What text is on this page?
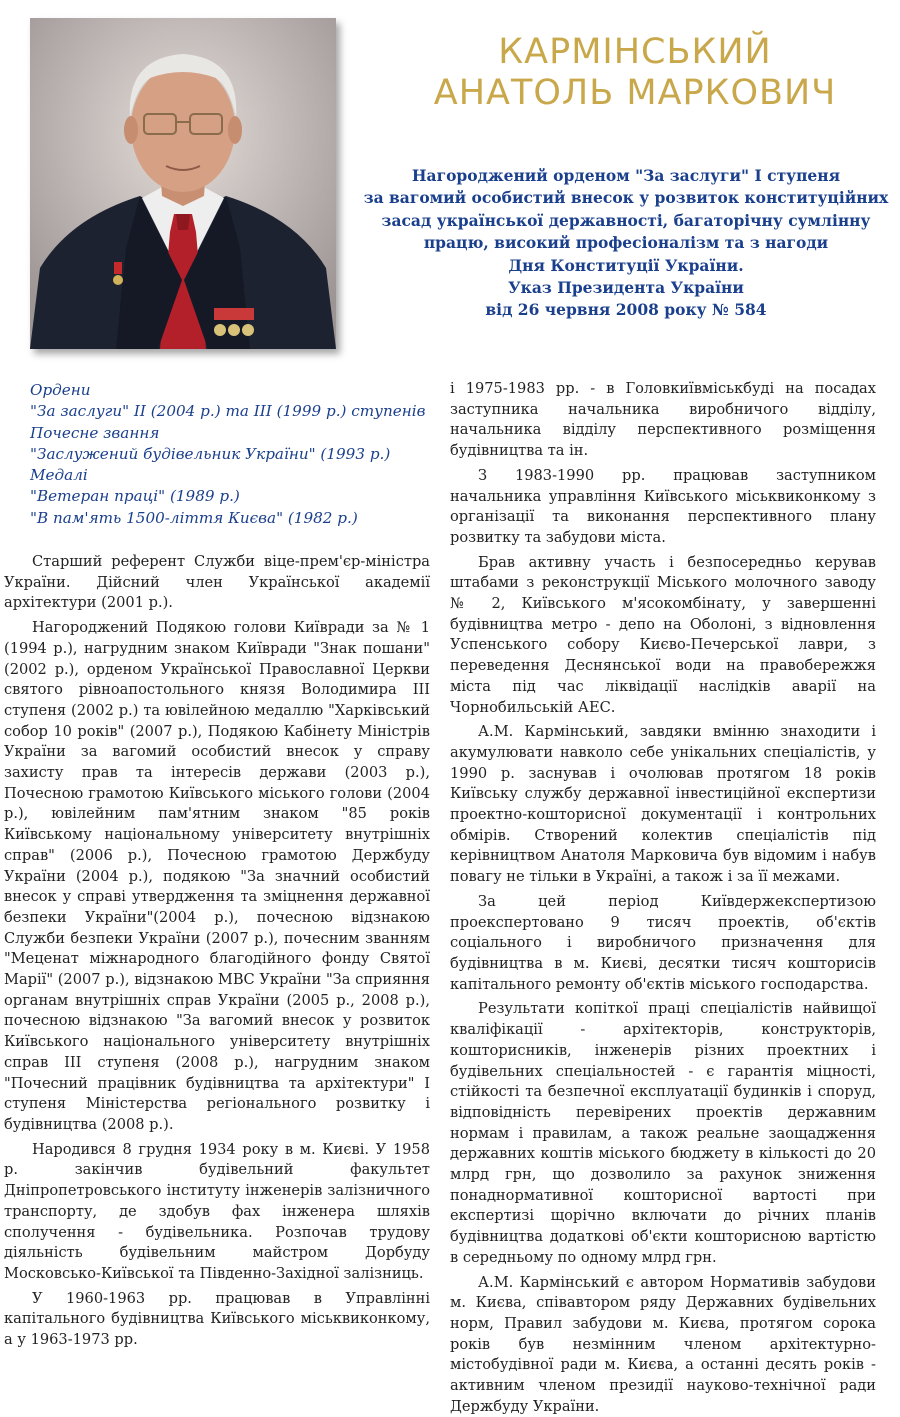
КАРМІНСЬКИЙ
АНАТОЛЬ МАРКОВИЧ
Нагороджений орденом "За заслуги" I ступеня
за вагомий особистий внесок у розвиток конституційних
засад української державності, багаторічну сумлінну
працю, високий професіоналізм та з нагоди
Дня Конституції України.
Указ Президента України
від 26 червня 2008 року № 584
Ордени
"За заслуги" II (2004 р.) та III (1999 р.) ступенів
Почесне звання
"Заслужений будівельник України" (1993 р.)
Медалі
"Ветеран праці" (1989 р.)
"В пам'ять 1500-ліття Києва" (1982 р.)

Старший референт Служби віце-прем'єр-міністра України. Дійсний член Української академії архітектури (2001 р.).

Нагороджений Подякою голови Київради за № 1 (1994 р.), нагрудним знаком Київради "Знак пошани" (2002 р.), орденом Української Православної Церкви святого рівноапостольного князя Володимира III ступеня (2002 р.) та ювілейною медаллю "Харківський собор 10 років" (2007 р.), Подякою Кабінету Міністрів України за вагомий особистий внесок у справу захисту прав та інтересів держави (2003 р.), Почесною грамотою Київського міського голови (2004 р.), ювілейним пам'ятним знаком "85 років Київському національному університету внутрішніх справ" (2006 р.), Почесною грамотою Держбуду України (2004 р.), подякою "За значний особистий внесок у справі утвердження та зміцнення державної безпеки України"(2004 р.), почесною відзнакою Служби безпеки України (2007 р.), почесним званням "Меценат міжнародного благодійного фонду Святої Марії" (2007 р.), відзнакою МВС України "За сприяння органам внутрішніх справ України (2005 р., 2008 р.), почесною відзнакою "За вагомий внесок у розвиток Київського національного університету внутрішніх справ III ступеня (2008 р.), нагрудним знаком "Почесний працівник будівництва та архітектури" I ступеня Міністерства регіонального розвитку і будівництва (2008 р.).

Народився 8 грудня 1934 року в м. Києві. У 1958 р. закінчив будівельний факультет Дніпропетровського інституту інженерів залізничного транспорту, де здобув фах інженера шляхів сполучення - будівельника. Розпочав трудову діяльність будівельним майстром Дорбуду Московсько-Київської та Південно-Західної залізниць.

У 1960-1963 рр. працював в Управлінні капітального будівництва Київського міськвиконкому, а у 1963-1973 рр.

і 1975-1983 рр. - в Головкиївміськбуді на посадах заступника начальника виробничого відділу, начальника відділу перспективного розміщення будівництва та ін.

З 1983-1990 рр. працював заступником начальника управління Київського міськвиконкому з організації та виконання перспективного плану розвитку та забудови міста.

Брав активну участь і безпосередньо керував штабами з реконструкції Міського молочного заводу № 2, Київського м'ясокомбінату, у завершенні будівництва метро - депо на Оболоні, з відновлення Успенського собору Києво-Печерської лаври, з переведення Деснянської води на правобережжя міста під час ліквідації наслідків аварії на Чорнобильській АЕС.

А.М. Кармінський, завдяки вмінню знаходити і акумулювати навколо себе унікальних спеціалістів, у 1990 р. заснував і очолював протягом 18 років Київську службу державної інвестиційної експертизи проектно-кошторисної документації і контрольних обмірів. Створений колектив спеціалістів під керівництвом Анатоля Марковича був відомим і набув повагу не тільки в Україні, а також і за її межами.

За цей період Київдержекспертизою проекспертовано 9 тисяч проектів, об'єктів соціального і виробничого призначення для будівництва в м. Києві, десятки тисяч кошторисів капітального ремонту об'єктів міського господарства.

Результати копіткої праці спеціалістів найвищої кваліфікації - архітекторів, конструкторів, кошторисників, інженерів різних проектних і будівельних спеціальностей - є гарантія міцності, стійкості та безпечної експлуатації будинків і споруд, відповідність перевірених проектів державним нормам і правилам, а також реальне заощадження державних коштів міського бюджету в кількості до 20 млрд грн, що дозволило за рахунок зниження понаднормативної кошторисної вартості при експертизі щорічно включати до річних планів будівництва додаткові об'єкти кошторисною вартістю в середньому по одному млрд грн.

А.М. Кармінський є автором Нормативів забудови м. Києва, співавтором ряду Державних будівельних норм, Правил забудови м. Києва, протягом сорока років був незмінним членом архітектурно-містобудівної ради м. Києва, а останні десять років - активним членом президії науково-технічної ради Держбуду України.
